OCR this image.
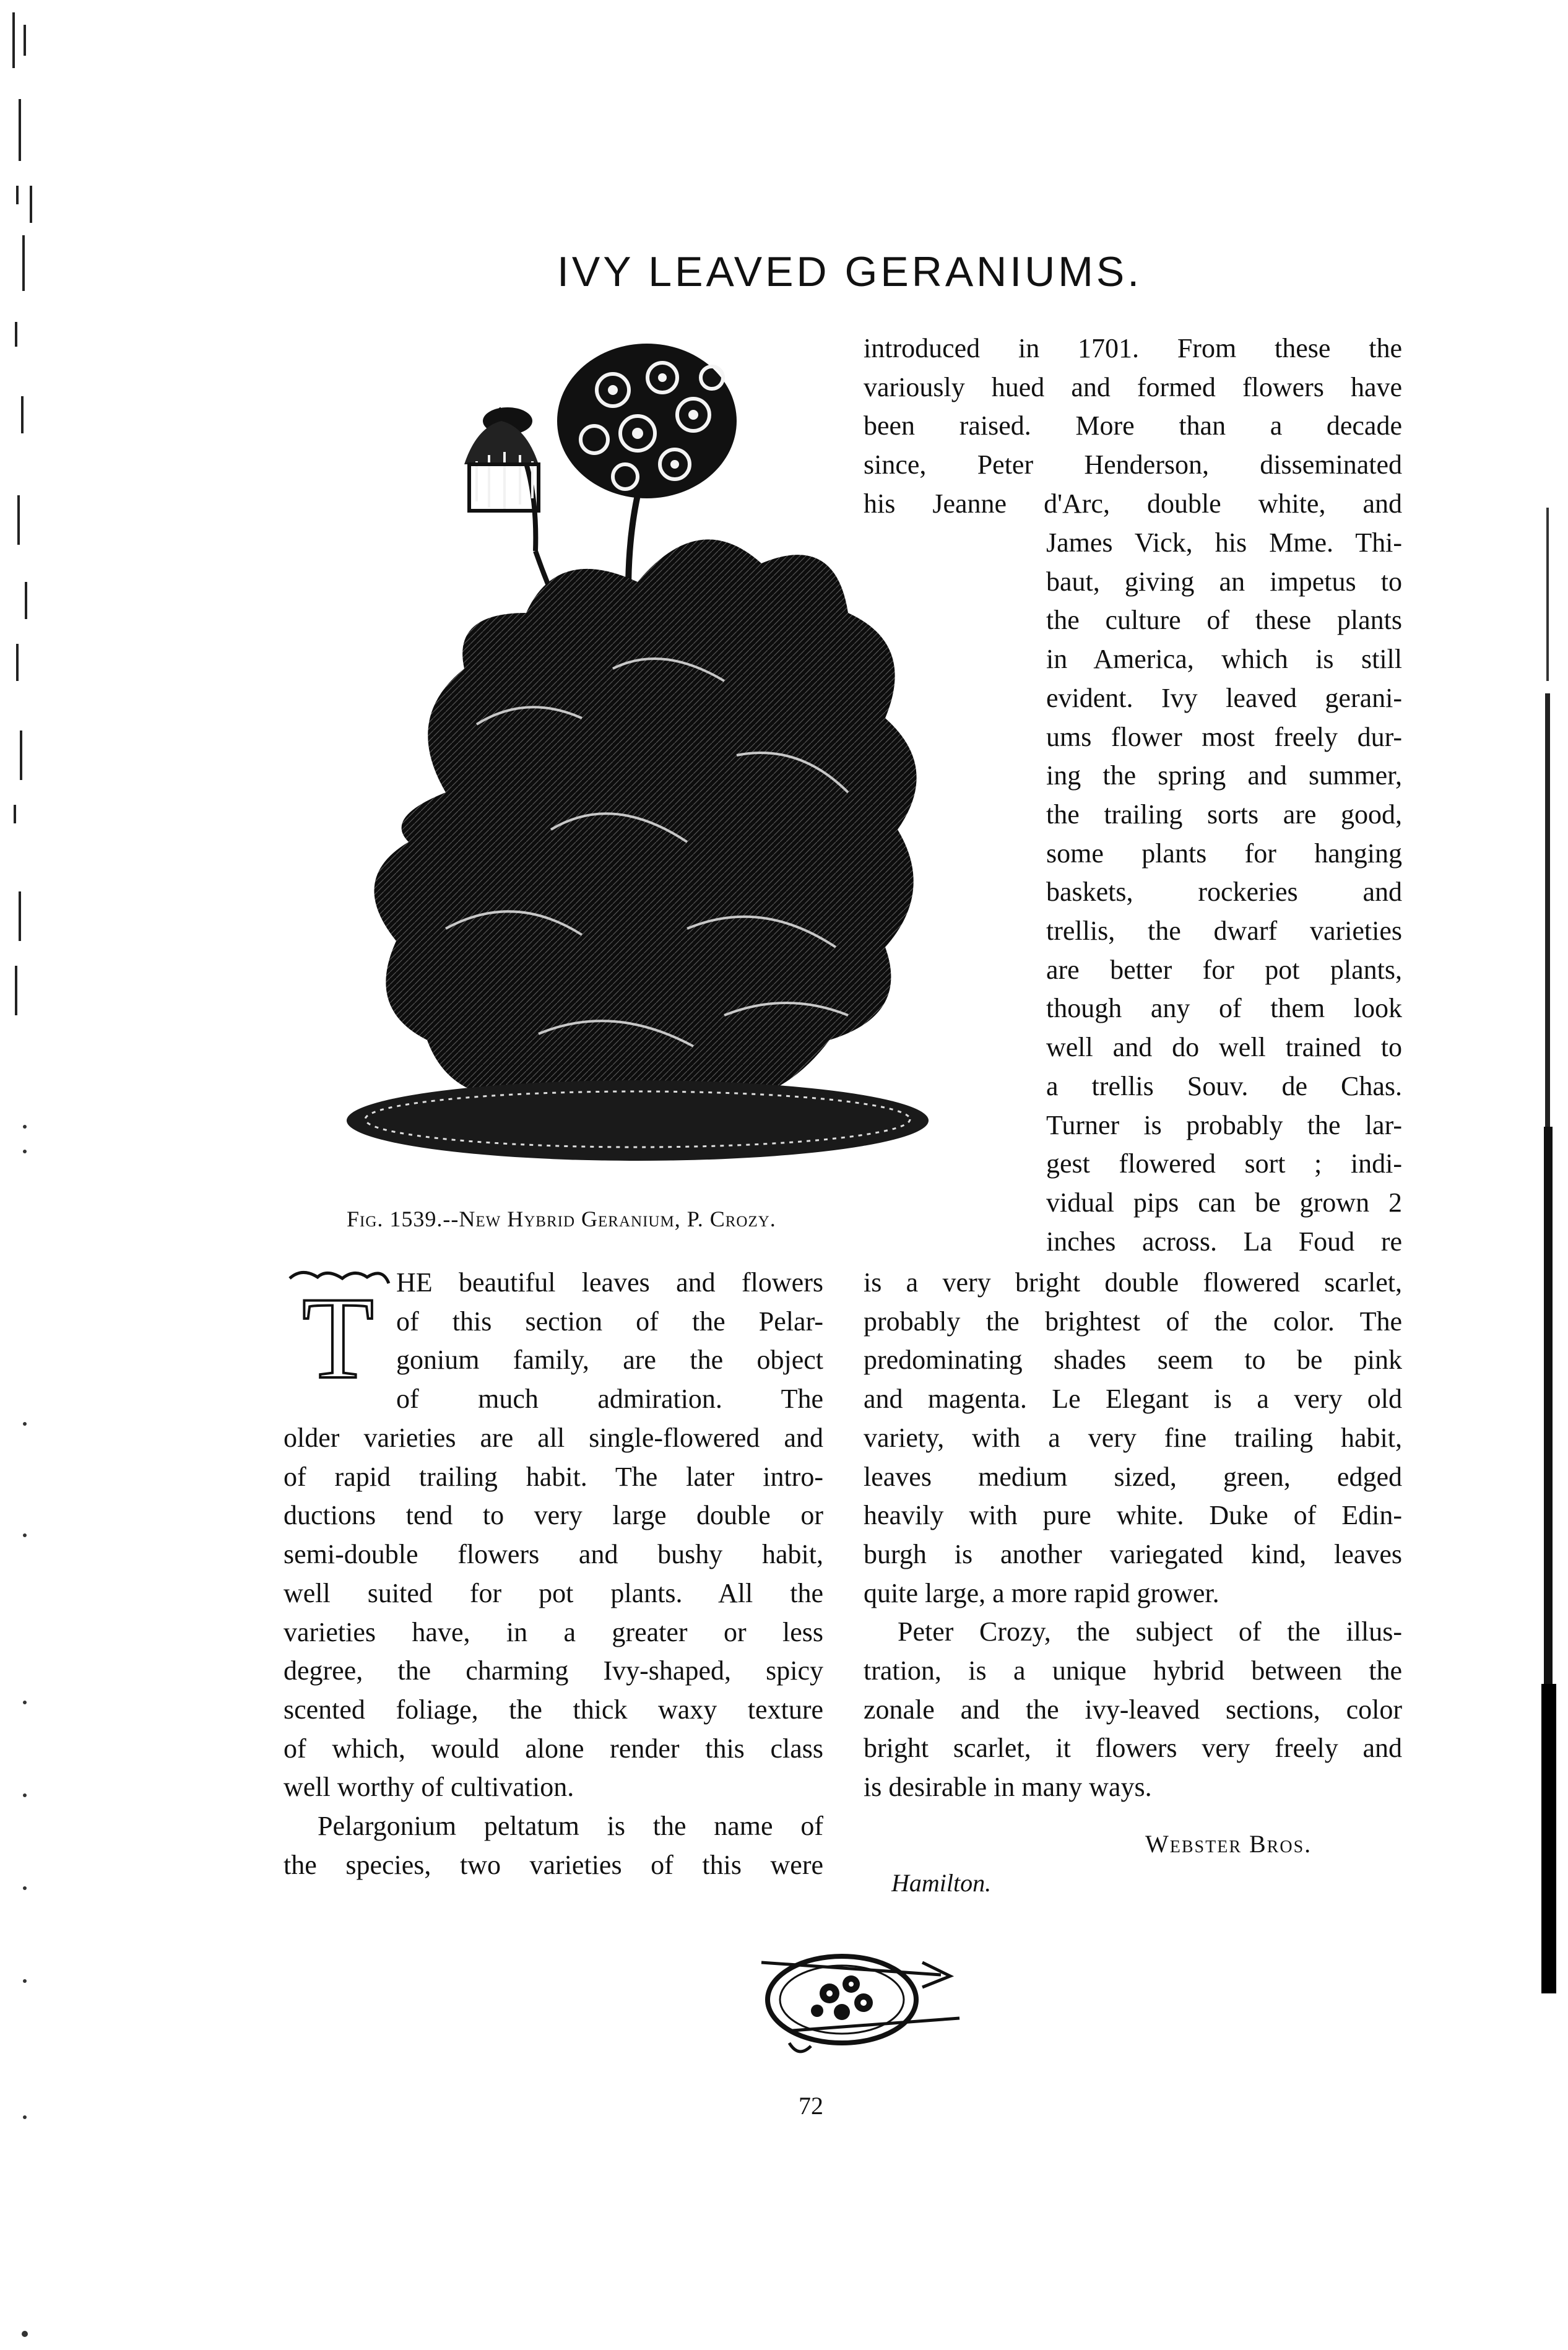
IVY LEAVED GERANIUMS.
Fig. 1539.--New Hybrid Geranium, P. Crozy.
introduced in 1701. From these the
variously hued and formed flowers have
been raised. More than a decade
since, Peter Henderson, disseminated
his Jeanne d'Arc, double white, and
James Vick, his Mme. Thi-
baut, giving an impetus to
the culture of these plants
in America, which is still
evident. Ivy leaved gerani-
ums flower most freely dur-
ing the spring and summer,
the trailing sorts are good,
some plants for hanging
baskets, rockeries and
trellis, the dwarf varieties
are better for pot plants,
though any of them look
well and do well trained to
a trellis Souv. de Chas.
Turner is probably the lar-
gest flowered sort ; indi-
vidual pips can be grown 2
inches across. La Foud re
is a very bright double flowered scarlet,
probably the brightest of the color. The
predominating shades seem to be pink
and magenta. Le Elegant is a very old
variety, with a very fine trailing habit,
leaves medium sized, green, edged
heavily with pure white. Duke of Edin-
burgh is another variegated kind, leaves
quite large, a more rapid grower.
Peter Crozy, the subject of the illus-
tration, is a unique hybrid between the
zonale and the ivy-leaved sections, color
bright scarlet, it flowers very freely and
is desirable in many ways.
T HE beautiful leaves and flowers
of this section of the Pelar-
gonium family, are the object
of much admiration. The
older varieties are all single-flowered and
of rapid trailing habit. The later intro-
ductions tend to very large double or
semi-double flowers and bushy habit,
well suited for pot plants. All the
varieties have, in a greater or less
degree, the charming Ivy-shaped, spicy
scented foliage, the thick waxy texture
of which, would alone render this class
well worthy of cultivation.
Pelargonium peltatum is the name of
the species, two varieties of this were
Webster Bros.
Hamilton.
72
